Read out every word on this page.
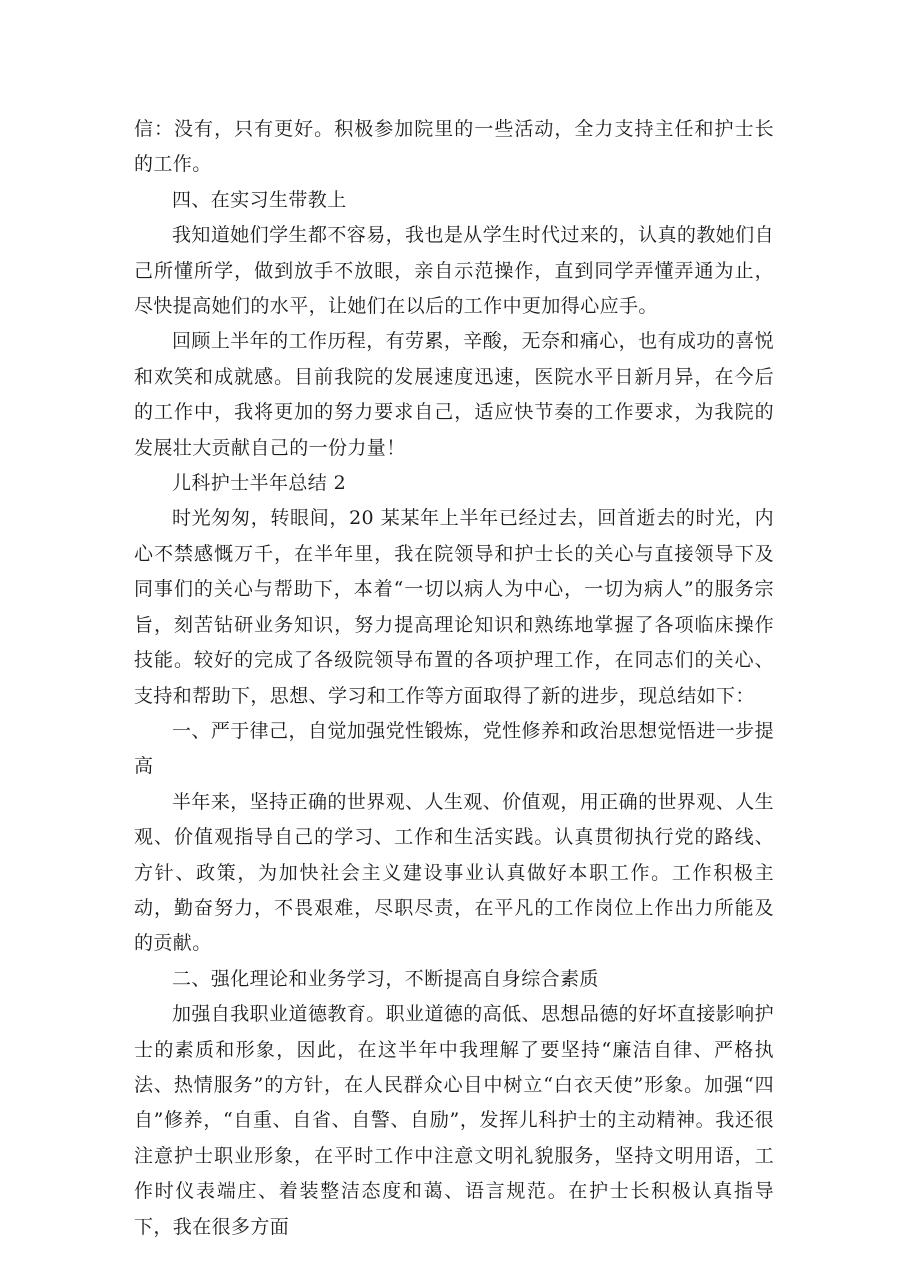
信：没有，只有更好。积极参加院里的一些活动，全力支持主任和护士长的工作。

四、在实习生带教上

我知道她们学生都不容易，我也是从学生时代过来的，认真的教她们自己所懂所学，做到放手不放眼，亲自示范操作，直到同学弄懂弄通为止，尽快提高她们的水平，让她们在以后的工作中更加得心应手。

回顾上半年的工作历程，有劳累，辛酸，无奈和痛心，也有成功的喜悦和欢笑和成就感。目前我院的发展速度迅速，医院水平日新月异，在今后的工作中，我将更加的努力要求自己，适应快节奏的工作要求，为我院的发展壮大贡献自己的一份力量！

儿科护士半年总结 2

时光匆匆，转眼间，20 某某年上半年已经过去，回首逝去的时光，内心不禁感慨万千，在半年里，我在院领导和护士长的关心与直接领导下及同事们的关心与帮助下，本着“一切以病人为中心，一切为病人”的服务宗旨，刻苦钻研业务知识，努力提高理论知识和熟练地掌握了各项临床操作技能。较好的完成了各级院领导布置的各项护理工作，在同志们的关心、支持和帮助下，思想、学习和工作等方面取得了新的进步，现总结如下：

一、严于律己，自觉加强党性锻炼，党性修养和政治思想觉悟进一步提高

半年来，坚持正确的世界观、人生观、价值观，用正确的世界观、人生观、价值观指导自己的学习、工作和生活实践。认真贯彻执行党的路线、方针、政策，为加快社会主义建设事业认真做好本职工作。工作积极主动，勤奋努力，不畏艰难，尽职尽责，在平凡的工作岗位上作出力所能及的贡献。

二、强化理论和业务学习，不断提高自身综合素质

加强自我职业道德教育。职业道德的高低、思想品德的好坏直接影响护士的素质和形象，因此，在这半年中我理解了要坚持“廉洁自律、严格执法、热情服务”的方针，在人民群众心目中树立“白衣天使”形象。加强“四自”修养，“自重、自省、自警、自励”，发挥儿科护士的主动精神。我还很注意护士职业形象，在平时工作中注意文明礼貌服务，坚持文明用语，工作时仪表端庄、着装整洁态度和蔼、语言规范。在护士长积极认真指导下，我在很多方面
